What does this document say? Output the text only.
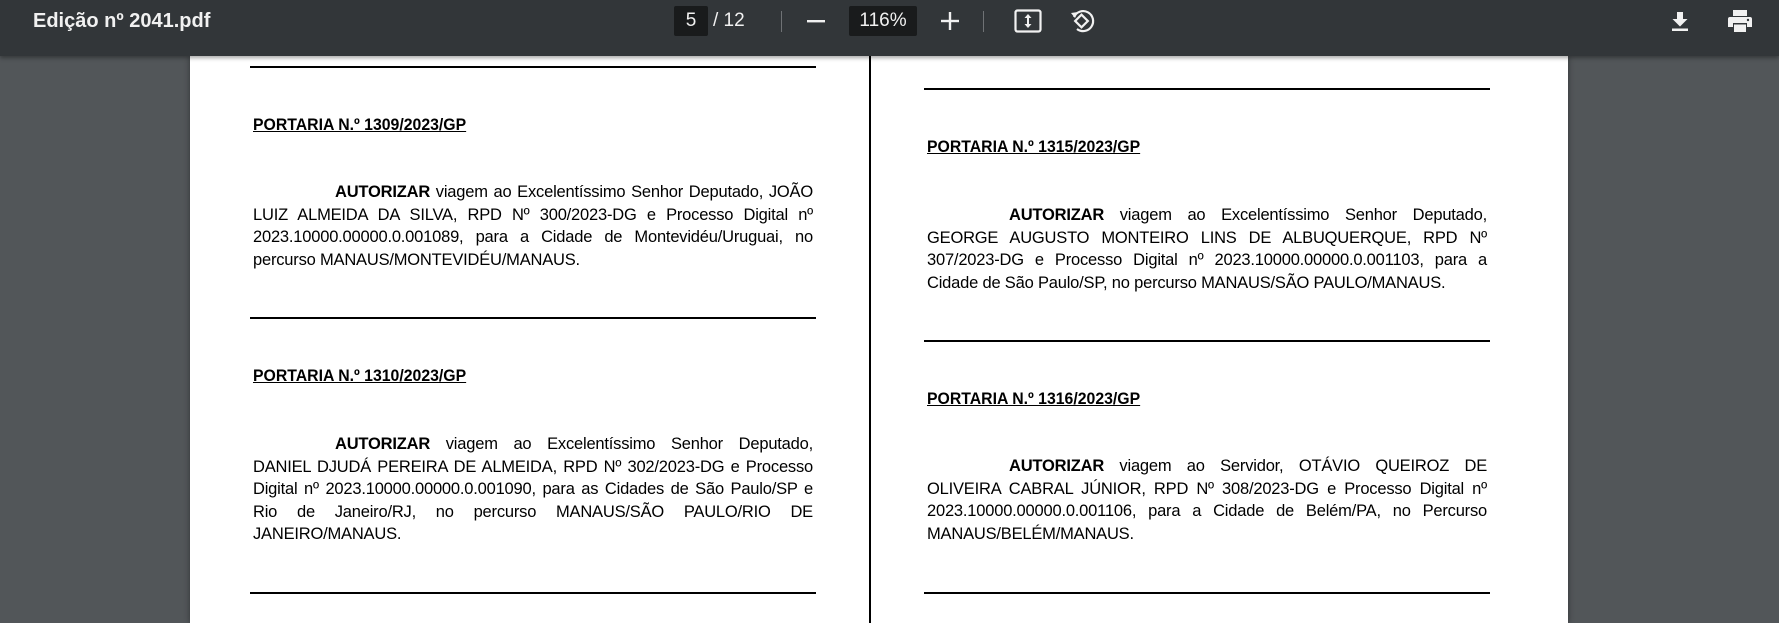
Edição nº 2041.pdf	5 / 12	116%
PORTARIA N.º 1309/2023/GP

AUTORIZAR viagem ao Excelentíssimo Senhor Deputado, JOÃO LUIZ ALMEIDA DA SILVA, RPD Nº 300/2023-DG e Processo Digital nº 2023.10000.00000.0.001089, para a Cidade de Montevidéu/Uruguai, no percurso MANAUS/MONTEVIDÉU/MANAUS.

PORTARIA N.º 1310/2023/GP

AUTORIZAR viagem ao Excelentíssimo Senhor Deputado, DANIEL DJUDÁ PEREIRA DE ALMEIDA, RPD Nº 302/2023-DG e Processo Digital nº 2023.10000.00000.0.001090, para as Cidades de São Paulo/SP e Rio de Janeiro/RJ, no percurso MANAUS/SÃO PAULO/RIO DE JANEIRO/MANAUS.

PORTARIA N.º 1315/2023/GP

AUTORIZAR viagem ao Excelentíssimo Senhor Deputado, GEORGE AUGUSTO MONTEIRO LINS DE ALBUQUERQUE, RPD Nº 307/2023-DG e Processo Digital nº 2023.10000.00000.0.001103, para a Cidade de São Paulo/SP, no percurso MANAUS/SÃO PAULO/MANAUS.

PORTARIA N.º 1316/2023/GP

AUTORIZAR viagem ao Servidor, OTÁVIO QUEIROZ DE OLIVEIRA CABRAL JÚNIOR, RPD Nº 308/2023-DG e Processo Digital nº 2023.10000.00000.0.001106, para a Cidade de Belém/PA, no Percurso MANAUS/BELÉM/MANAUS.
